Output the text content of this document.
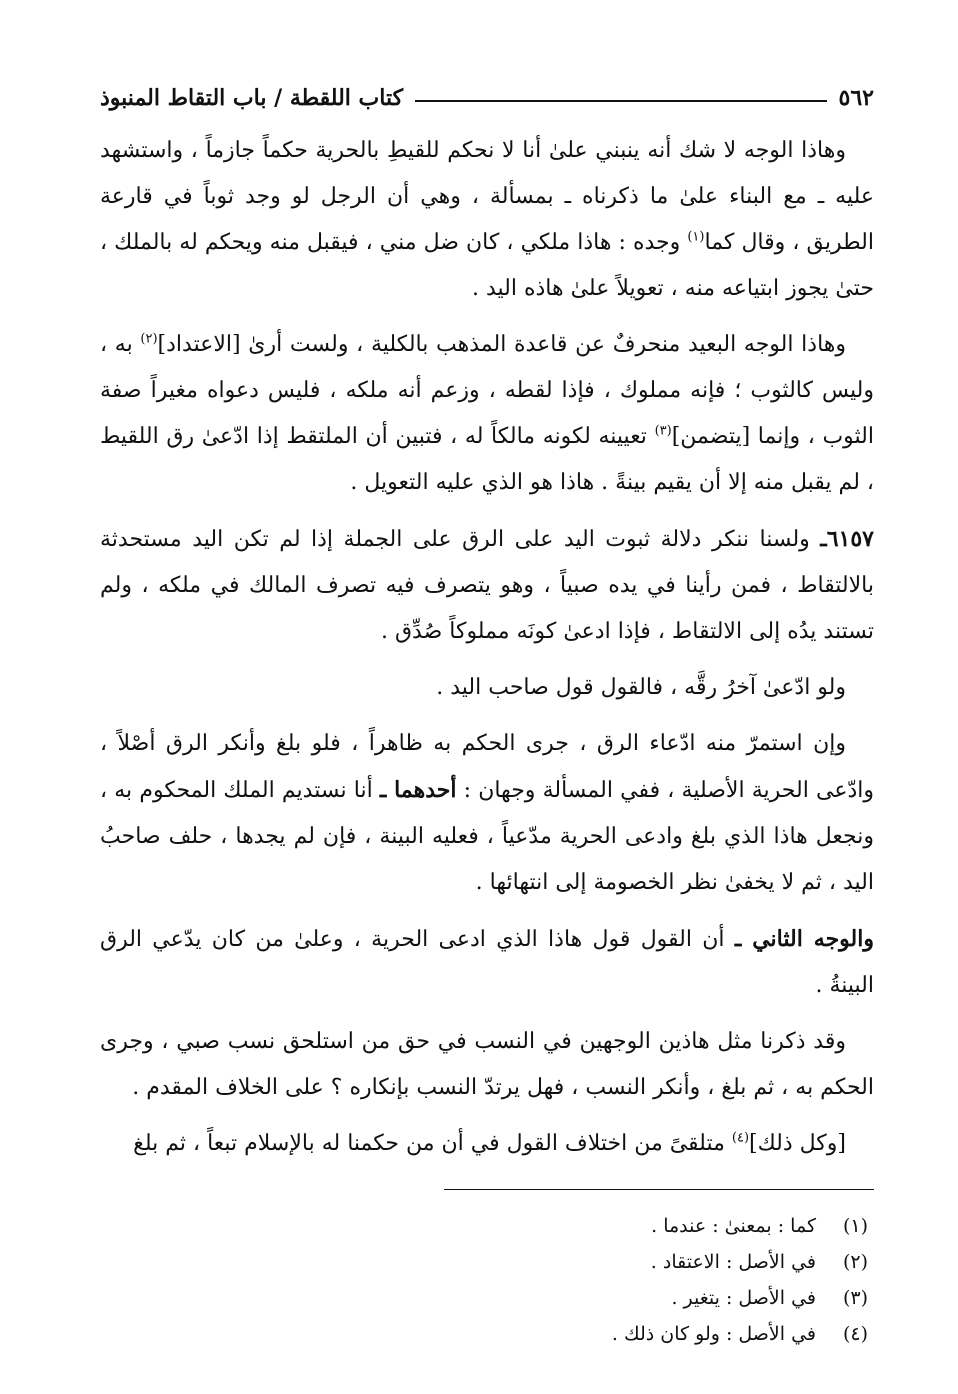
٥٦٢
كتاب اللقطة / باب التقاط المنبوذ

وهاذا الوجه لا شك أنه ينبني علىٰ أنا لا نحكم للقيطِ بالحرية حكماً جازماً ، واستشهد عليه ـ مع البناء علىٰ ما ذكرناه ـ بمسألة ، وهي أن الرجل لو وجد ثوباً في قارعة الطريق ، وقال كما$^{(١)}$ وجده : هاذا ملكي ، كان ضل مني ، فيقبل منه ويحكم له بالملك ، حتىٰ يجوز ابتياعه منه ، تعويلاً علىٰ هاذه اليد .

وهاذا الوجه البعيد منحرفٌ عن قاعدة المذهب بالكلية ، ولست أرىٰ [الاعتداد]$^{(٢)}$ به ، وليس كالثوب ؛ فإنه مملوك ، فإذا لقطه ، وزعم أنه ملكه ، فليس دعواه مغيراً صفة الثوب ، وإنما [يتضمن]$^{(٣)}$ تعيينه لكونه مالكاً له ، فتبين أن الملتقط إذا ادّعىٰ رق اللقيط ، لم يقبل منه إلا أن يقيم بينةً . هاذا هو الذي عليه التعويل .

٦١٥٧ـ ولسنا ننكر دلالة ثبوت اليد على الرق على الجملة إذا لم تكن اليد مستحدثة بالالتقاط ، فمن رأينا في يده صبياً ، وهو يتصرف فيه تصرف المالك في ملكه ، ولم تستند يدُه إلى الالتقاط ، فإذا ادعىٰ كونَه مملوكاً صُدِّق .

ولو ادّعىٰ آخرُ رقَّه ، فالقول قول صاحب اليد .

وإن استمرّ منه ادّعاء الرق ، جرى الحكم به ظاهراً ، فلو بلغ وأنكر الرق أصْلاً ، وادّعى الحرية الأصلية ، ففي المسألة وجهان : أحدهما ـ أنا نستديم الملك المحكوم به ، ونجعل هاذا الذي بلغ وادعى الحرية مدّعياً ، فعليه البينة ، فإن لم يجدها ، حلف صاحبُ اليد ، ثم لا يخفىٰ نظر الخصومة إلى انتهائها .

والوجه الثاني ـ أن القول قول هاذا الذي ادعى الحرية ، وعلىٰ من كان يدّعي الرق البينةُ .

وقد ذكرنا مثل هاذين الوجهين في النسب في حق من استلحق نسب صبي ، وجرى الحكم به ، ثم بلغ ، وأنكر النسب ، فهل يرتدّ النسب بإنكاره ؟ على الخلاف المقدم .

[وكل ذلك]$^{(٤)}$ متلقىً من اختلاف القول في أن من حكمنا له بالإسلام تبعاً ، ثم بلغ

(١)
كما : بمعنىٰ : عندما .
(٢)
في الأصل : الاعتقاد .
(٣)
في الأصل : يتغير .
(٤)
في الأصل : ولو كان ذلك .
